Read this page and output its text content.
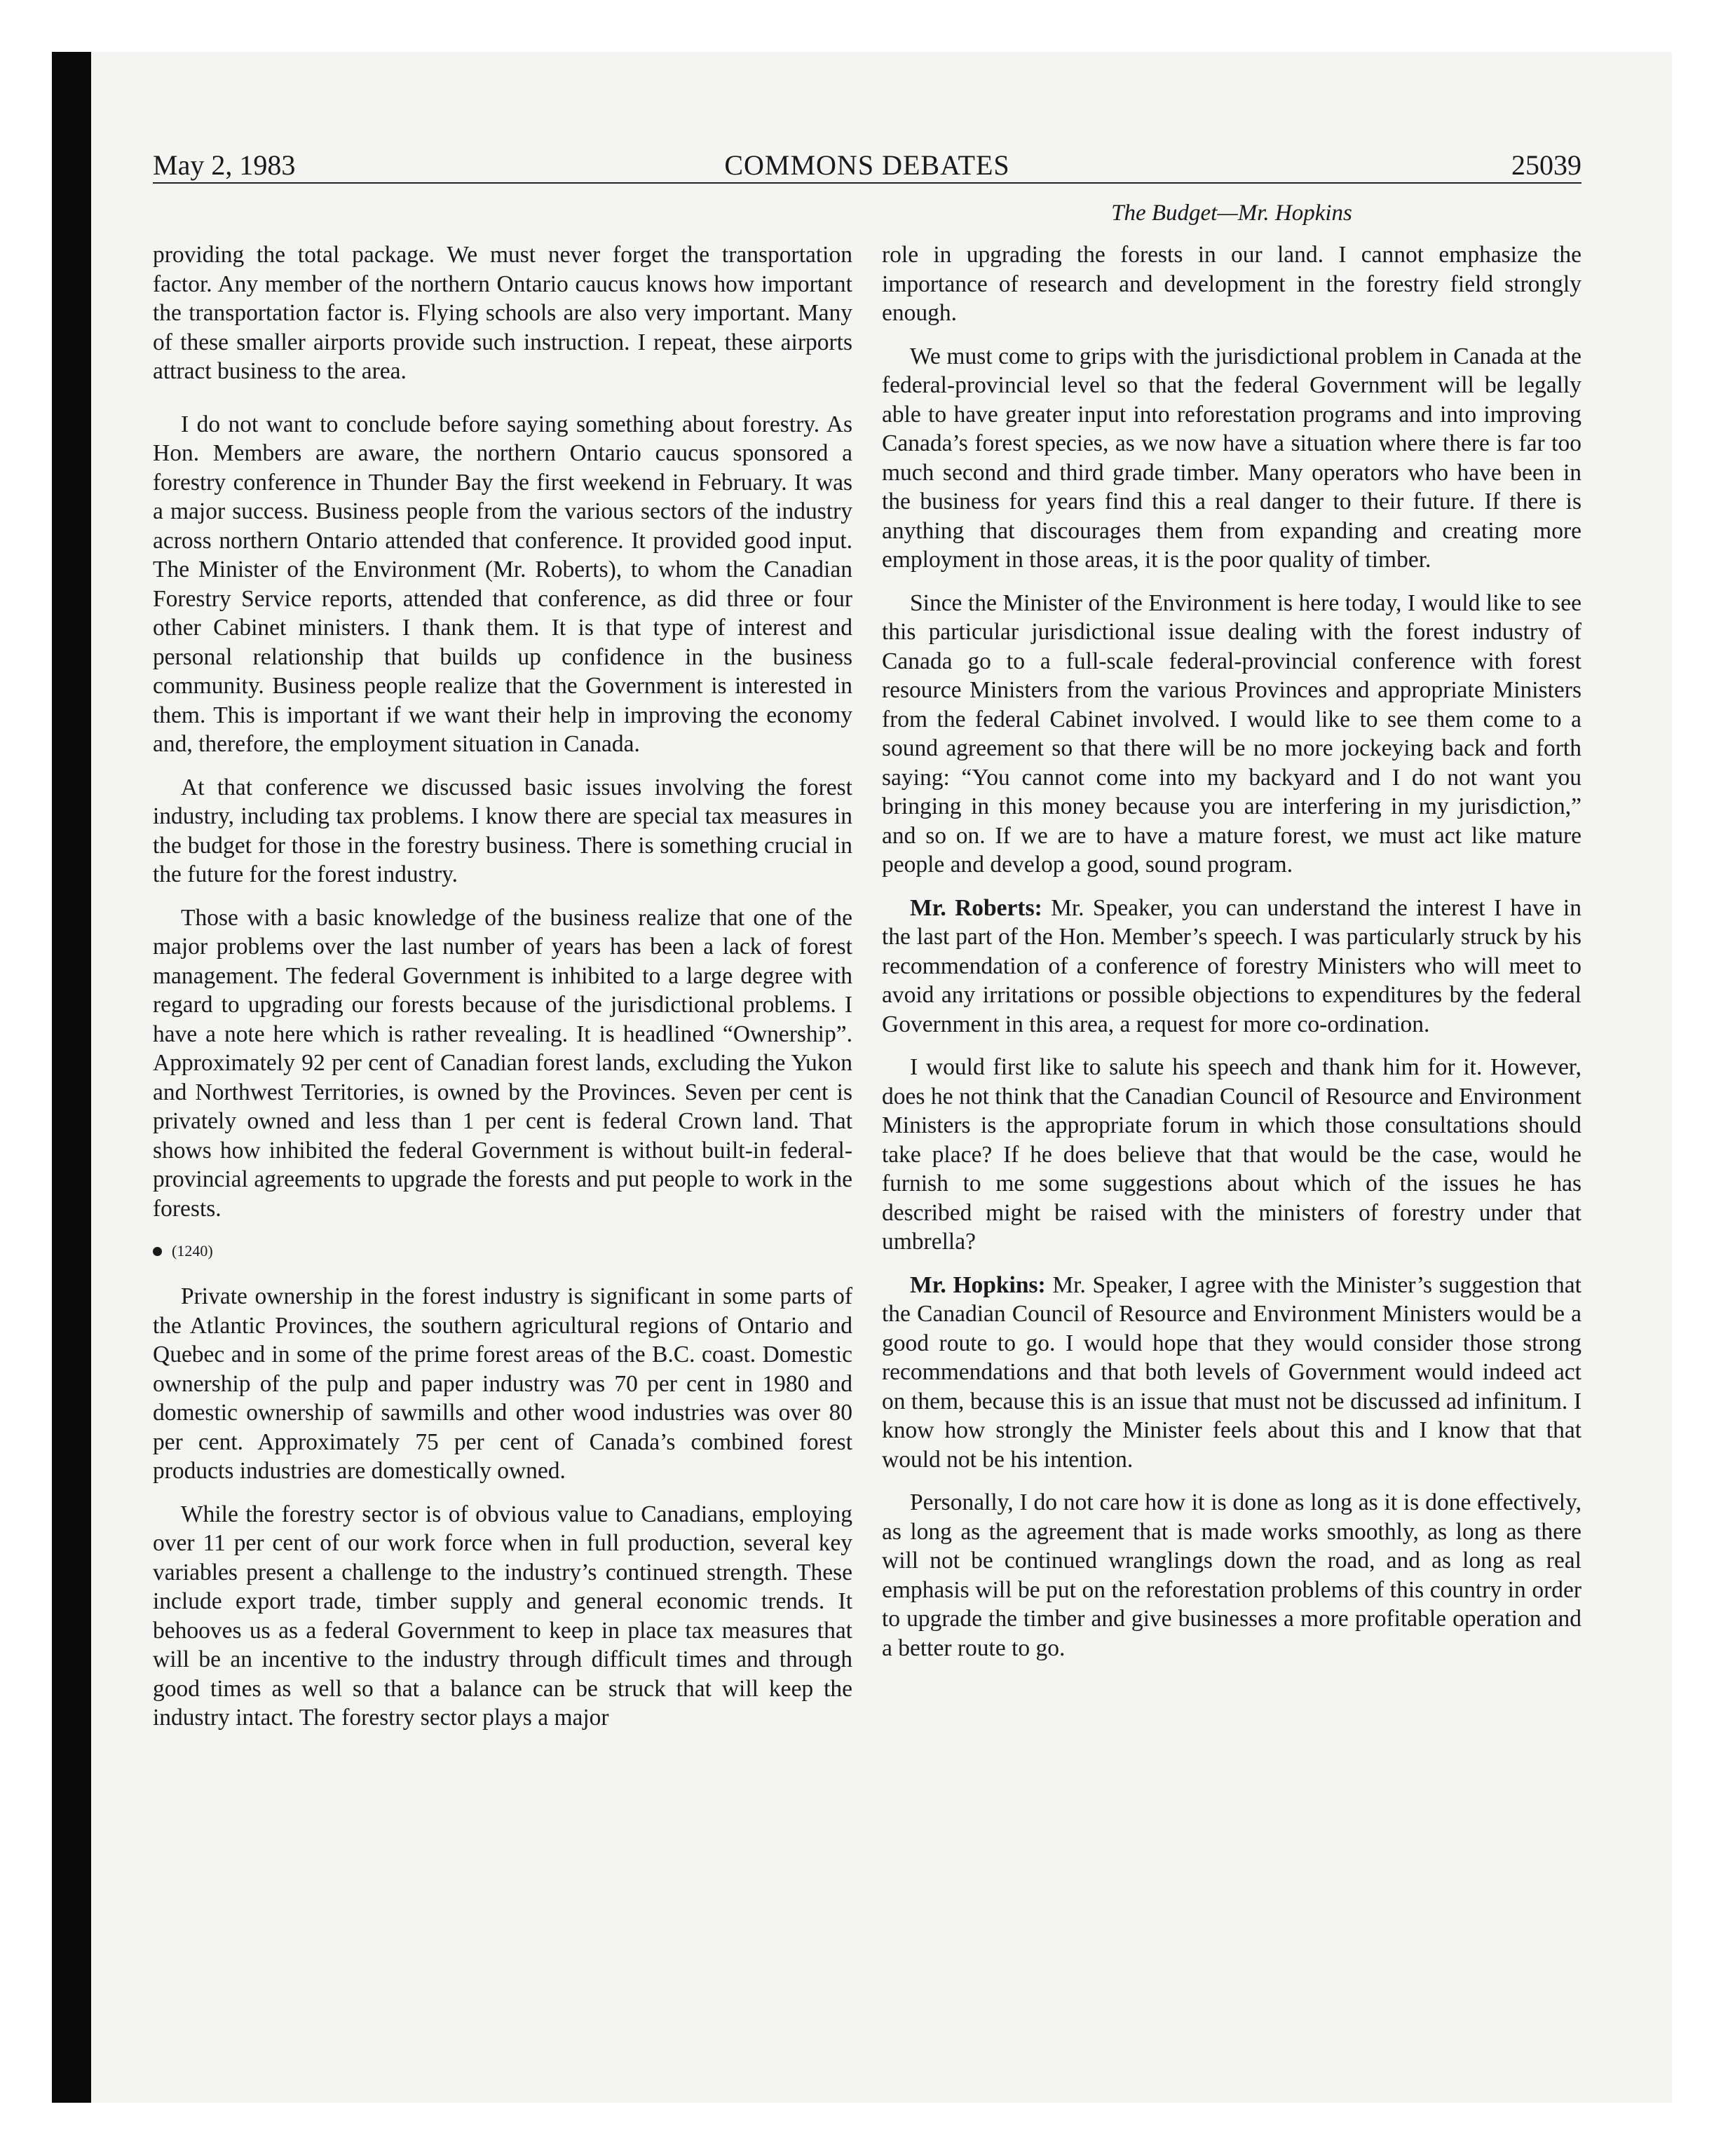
May 2, 1983	COMMONS DEBATES	25039
The Budget—Mr. Hopkins

providing the total package. We must never forget the transportation factor. Any member of the northern Ontario caucus knows how important the transportation factor is. Flying schools are also very important. Many of these smaller airports provide such instruction. I repeat, these airports attract business to the area.

I do not want to conclude before saying something about forestry. As Hon. Members are aware, the northern Ontario caucus sponsored a forestry conference in Thunder Bay the first weekend in February. It was a major success. Business people from the various sectors of the industry across northern Ontario attended that conference. It provided good input. The Minister of the Environment (Mr. Roberts), to whom the Canadian Forestry Service reports, attended that conference, as did three or four other Cabinet ministers. I thank them. It is that type of interest and personal relationship that builds up confidence in the business community. Business people realize that the Government is interested in them. This is important if we want their help in improving the economy and, therefore, the employment situation in Canada.

At that conference we discussed basic issues involving the forest industry, including tax problems. I know there are special tax measures in the budget for those in the forestry business. There is something crucial in the future for the forest industry.

Those with a basic knowledge of the business realize that one of the major problems over the last number of years has been a lack of forest management. The federal Government is inhibited to a large degree with regard to upgrading our forests because of the jurisdictional problems. I have a note here which is rather revealing. It is headlined “Ownership”. Approximately 92 per cent of Canadian forest lands, excluding the Yukon and Northwest Territories, is owned by the Provinces. Seven per cent is privately owned and less than 1 per cent is federal Crown land. That shows how inhibited the federal Government is without built-in federal-provincial agreements to upgrade the forests and put people to work in the forests.

(1240)

Private ownership in the forest industry is significant in some parts of the Atlantic Provinces, the southern agricultural regions of Ontario and Quebec and in some of the prime forest areas of the B.C. coast. Domestic ownership of the pulp and paper industry was 70 per cent in 1980 and domestic ownership of sawmills and other wood industries was over 80 per cent. Approximately 75 per cent of Canada’s combined forest products industries are domestically owned.

While the forestry sector is of obvious value to Canadians, employing over 11 per cent of our work force when in full production, several key variables present a challenge to the industry’s continued strength. These include export trade, timber supply and general economic trends. It behooves us as a federal Government to keep in place tax measures that will be an incentive to the industry through difficult times and through good times as well so that a balance can be struck that will keep the industry intact. The forestry sector plays a major

role in upgrading the forests in our land. I cannot emphasize the importance of research and development in the forestry field strongly enough.

We must come to grips with the jurisdictional problem in Canada at the federal-provincial level so that the federal Government will be legally able to have greater input into reforestation programs and into improving Canada’s forest species, as we now have a situation where there is far too much second and third grade timber. Many operators who have been in the business for years find this a real danger to their future. If there is anything that discourages them from expanding and creating more employment in those areas, it is the poor quality of timber.

Since the Minister of the Environment is here today, I would like to see this particular jurisdictional issue dealing with the forest industry of Canada go to a full-scale federal-provincial conference with forest resource Ministers from the various Provinces and appropriate Ministers from the federal Cabinet involved. I would like to see them come to a sound agreement so that there will be no more jockeying back and forth saying: “You cannot come into my backyard and I do not want you bringing in this money because you are interfering in my jurisdiction,” and so on. If we are to have a mature forest, we must act like mature people and develop a good, sound program.

Mr. Roberts: Mr. Speaker, you can understand the interest I have in the last part of the Hon. Member’s speech. I was particularly struck by his recommendation of a conference of forestry Ministers who will meet to avoid any irritations or possible objections to expenditures by the federal Government in this area, a request for more co-ordination.

I would first like to salute his speech and thank him for it. However, does he not think that the Canadian Council of Resource and Environment Ministers is the appropriate forum in which those consultations should take place? If he does believe that that would be the case, would he furnish to me some suggestions about which of the issues he has described might be raised with the ministers of forestry under that umbrella?

Mr. Hopkins: Mr. Speaker, I agree with the Minister’s suggestion that the Canadian Council of Resource and Environment Ministers would be a good route to go. I would hope that they would consider those strong recommendations and that both levels of Government would indeed act on them, because this is an issue that must not be discussed ad infinitum. I know how strongly the Minister feels about this and I know that that would not be his intention.

Personally, I do not care how it is done as long as it is done effectively, as long as the agreement that is made works smoothly, as long as there will not be continued wranglings down the road, and as long as real emphasis will be put on the reforestation problems of this country in order to upgrade the timber and give businesses a more profitable operation and a better route to go.
